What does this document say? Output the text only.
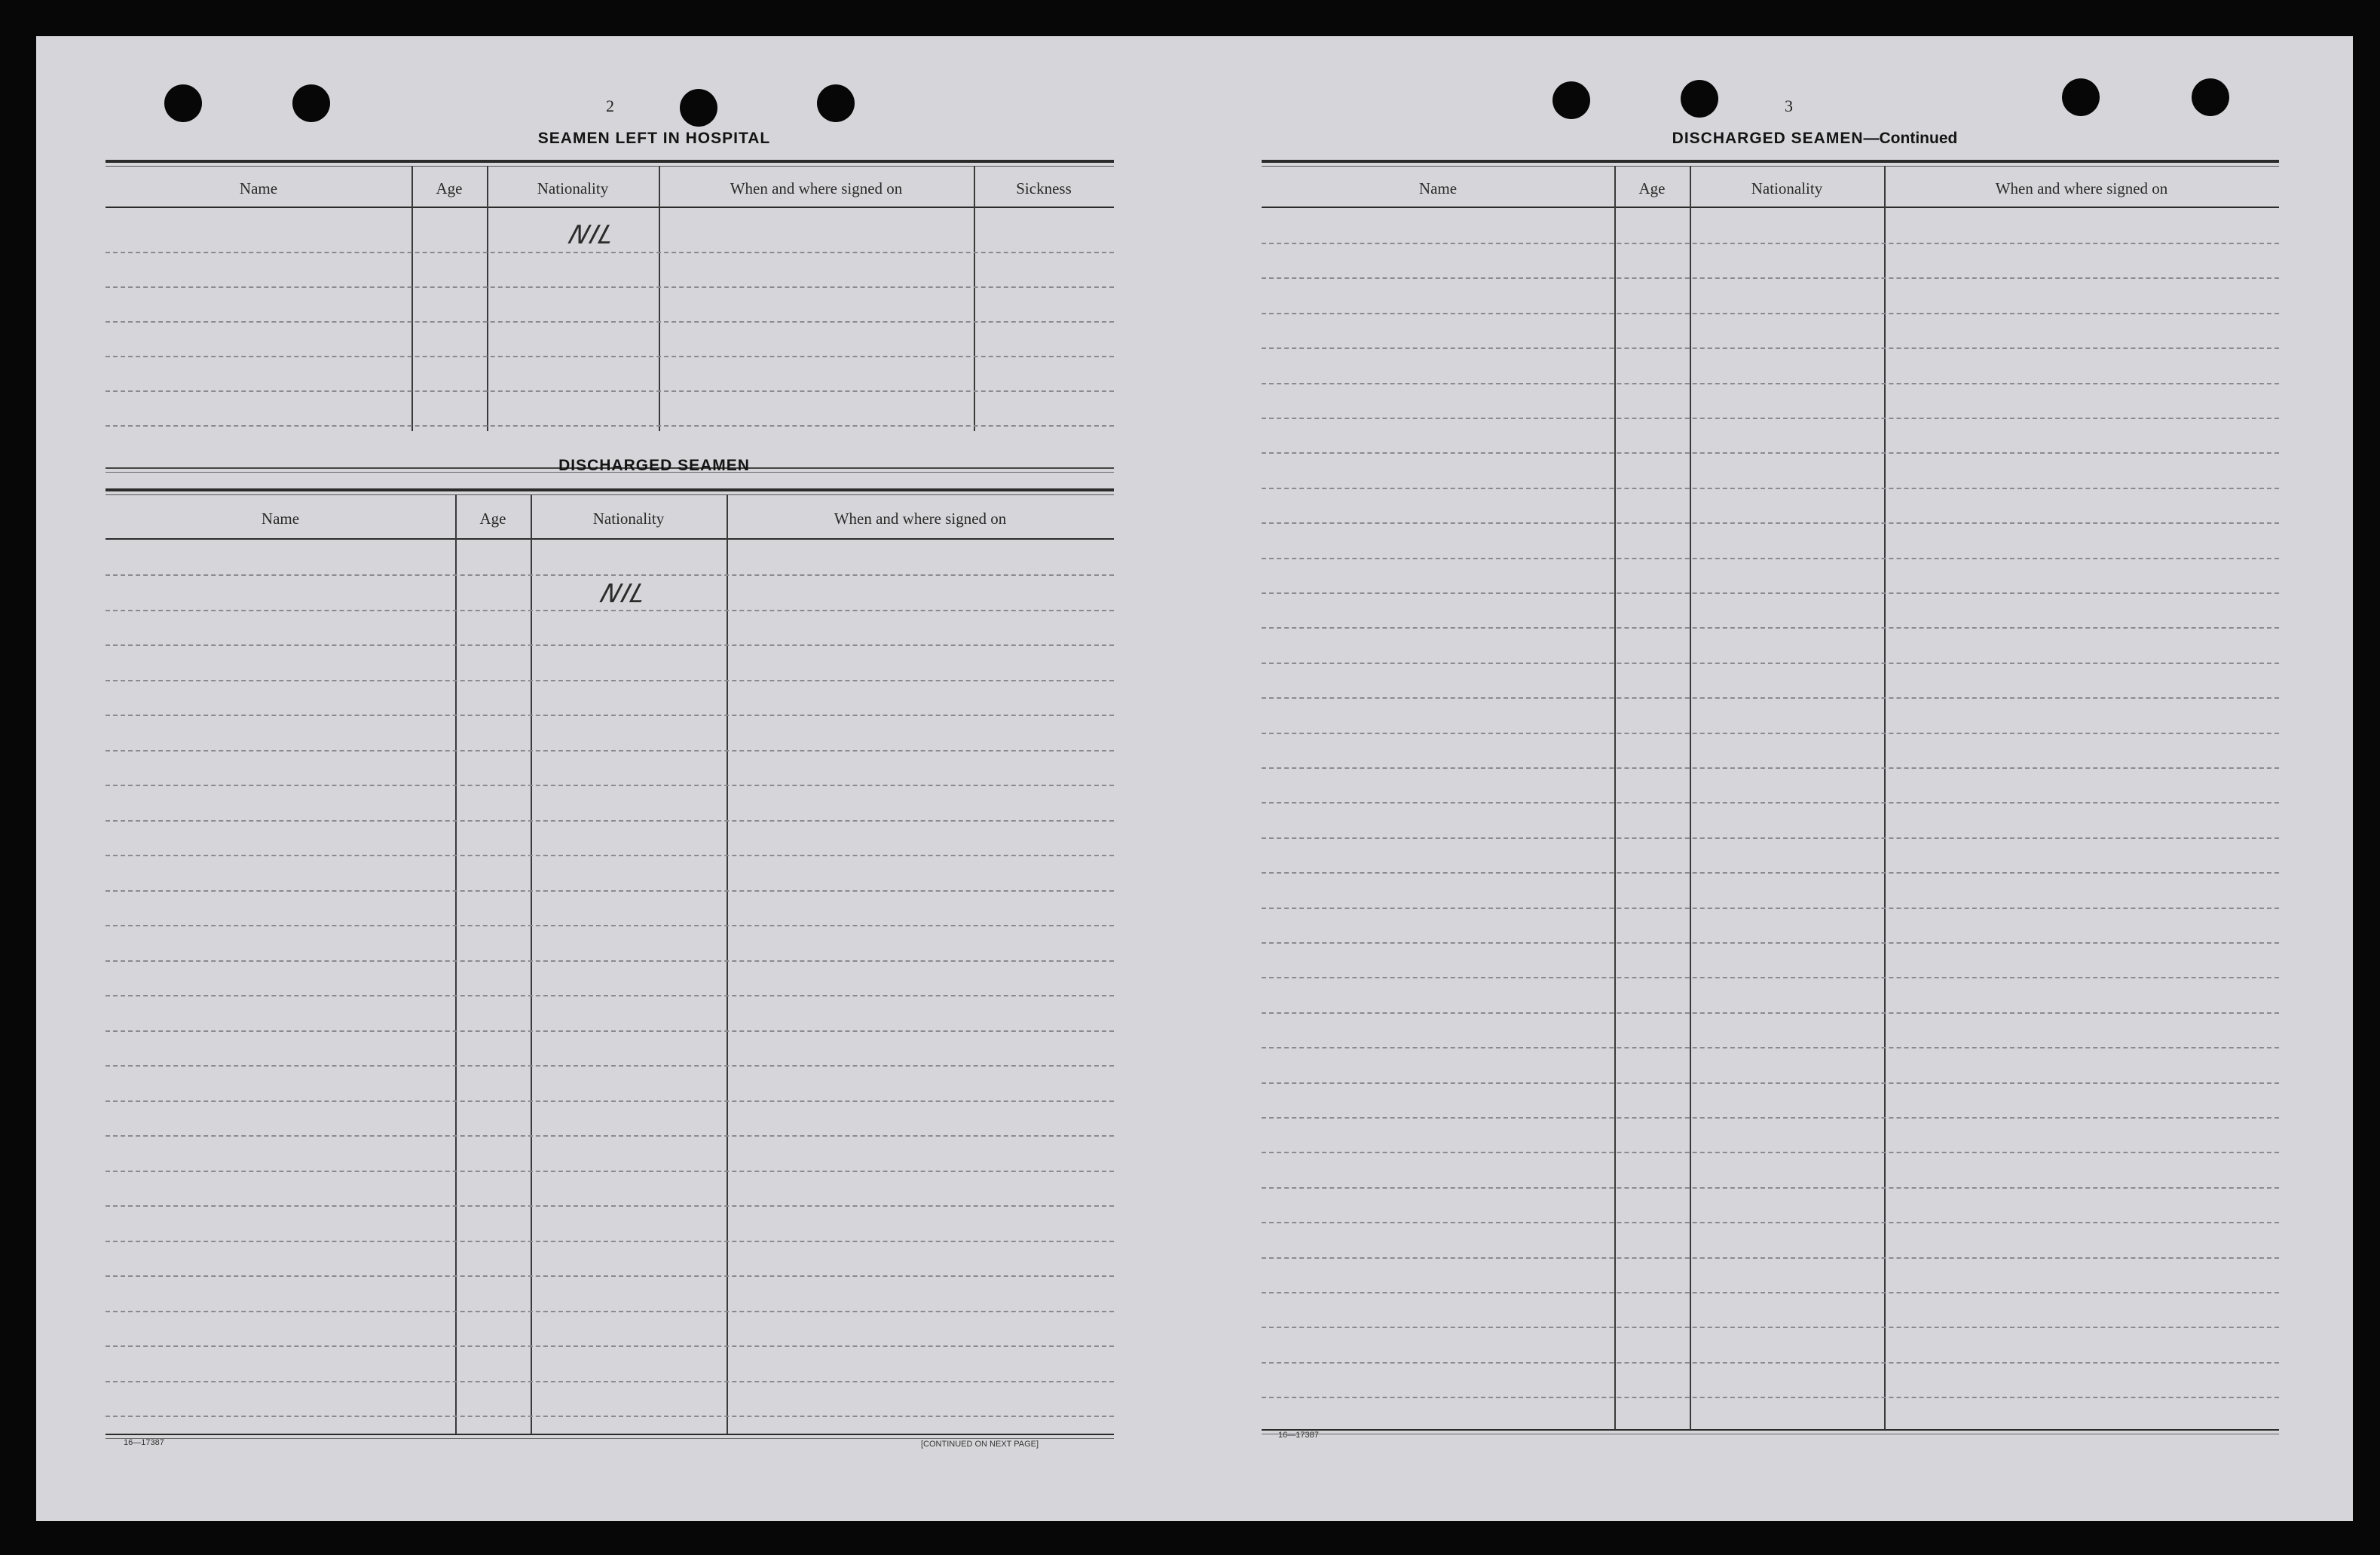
2
SEAMEN LEFT IN HOSPITAL
Name	Age	Nationality	When and where signed on	Sickness
NIL
DISCHARGED SEAMEN
Name	Age	Nationality	When and where signed on
NIL
16—17387	[CONTINUED ON NEXT PAGE]
3
DISCHARGED SEAMEN—Continued
Name	Age	Nationality	When and where signed on
16—17387
